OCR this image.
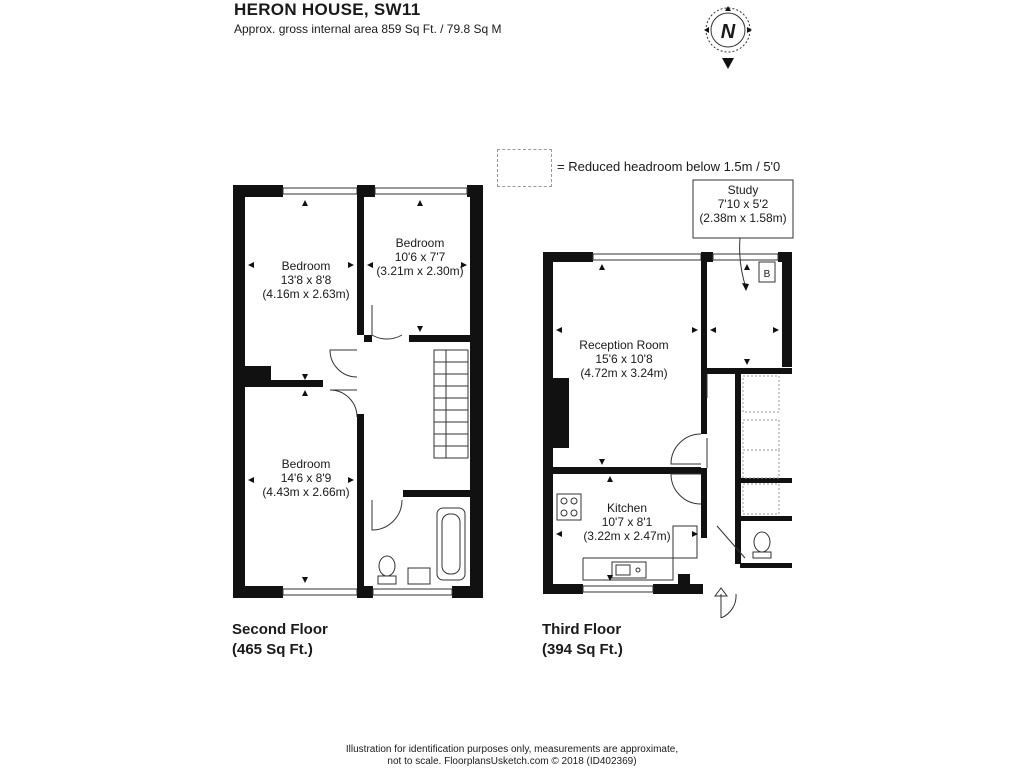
HERON HOUSE, SW11
Approx. gross internal area 859 Sq Ft. / 79.8 Sq M	N
= Reduced headroom below 1.5m / 5'0
Bedroom
13'8 x 8'8
(4.16m x 2.63m)
Bedroom
10'6 x 7'7
(3.21m x 2.30m)
Bedroom
14'6 x 8'9
(4.43m x 2.66m)
Study
7'10 x 5'2
(2.38m x 1.58m)
B
Reception Room
15'6 x 10'8
(4.72m x 3.24m)
Kitchen
10'7 x 8'1
(3.22m x 2.47m)
Second Floor
(465 Sq Ft.)
Third Floor
(394 Sq Ft.)
Illustration for identification purposes only, measurements are approximate,
not to scale. FloorplansUsketch.com © 2018 (ID402369)
